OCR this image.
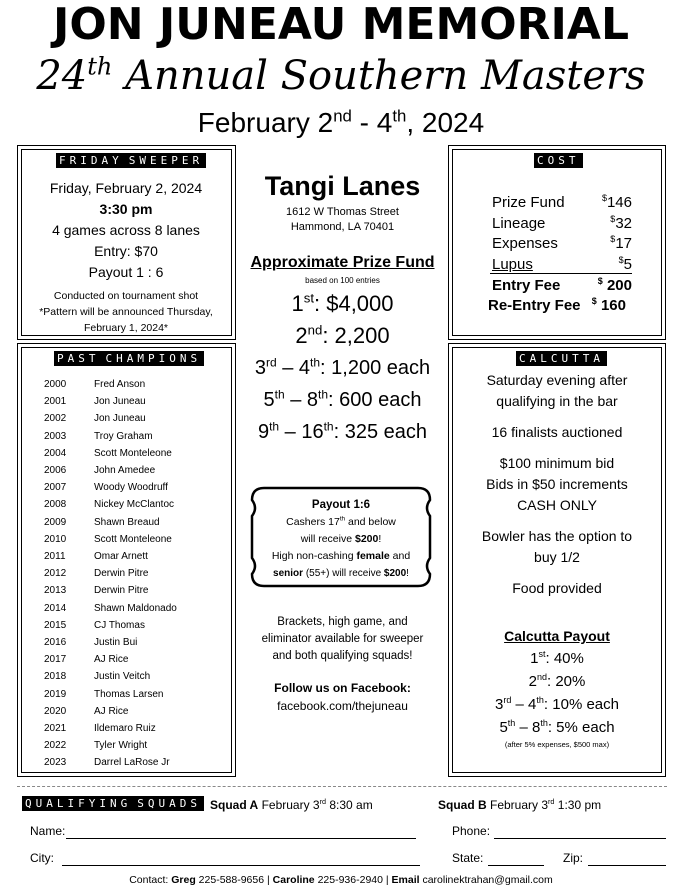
JON JUNEAU MEMORIAL
24th Annual Southern Masters
February 2nd - 4th, 2024
FRIDAY SWEEPER
Friday, February 2, 2024
3:30 pm
4 games across 8 lanes
Entry: $70
Payout 1 : 6
Conducted on tournament shot
*Pattern will be announced Thursday,
February 1, 2024*
PAST CHAMPIONS
2000	Fred Anson
2001	Jon Juneau
2002	Jon Juneau
2003	Troy Graham
2004	Scott Monteleone
2006	John Amedee
2007	Woody Woodruff
2008	Nickey McClantoc
2009	Shawn Breaud
2010	Scott Monteleone
2011	Omar Arnett
2012	Derwin Pitre
2013	Derwin Pitre
2014	Shawn Maldonado
2015	CJ Thomas
2016	Justin Bui
2017	AJ Rice
2018	Justin Veitch
2019	Thomas Larsen
2020	AJ Rice
2021	Ildemaro Ruiz
2022	Tyler Wright
2023	Darrel LaRose Jr
Tangi Lanes
1612 W Thomas Street
Hammond, LA 70401
Approximate Prize Fund
based on 100 entries
1st: $4,000
2nd: 2,200
3rd – 4th: 1,200 each
5th – 8th: 600 each
9th – 16th: 325 each
Payout 1:6
Cashers 17th and below
will receive $200!
High non-cashing female and
senior (55+) will receive $200!
Brackets, high game, and
eliminator available for sweeper
and both qualifying squads!
Follow us on Facebook:
facebook.com/thejuneau
COST
Prize Fund	$146
Lineage	$32
Expenses	$17
Lupus	$5
Entry Fee	$ 200
Re-Entry Fee $ 160
CALCUTTA
Saturday evening after
qualifying in the bar
16 finalists auctioned
$100 minimum bid
Bids in $50 increments
CASH ONLY
Bowler has the option to
buy 1/2
Food provided
Calcutta Payout
1st: 40%
2nd: 20%
3rd – 4th: 10% each
5th – 8th: 5% each
(after 5% expenses, $500 max)
QUALIFYING SQUADS Squad A February 3rd 8:30 am	Squad B February 3rd 1:30 pm
Name:	Phone:
City:	State:	Zip:
Contact: Greg 225-588-9656 | Caroline 225-936-2940 | Email carolinektrahan@gmail.com
